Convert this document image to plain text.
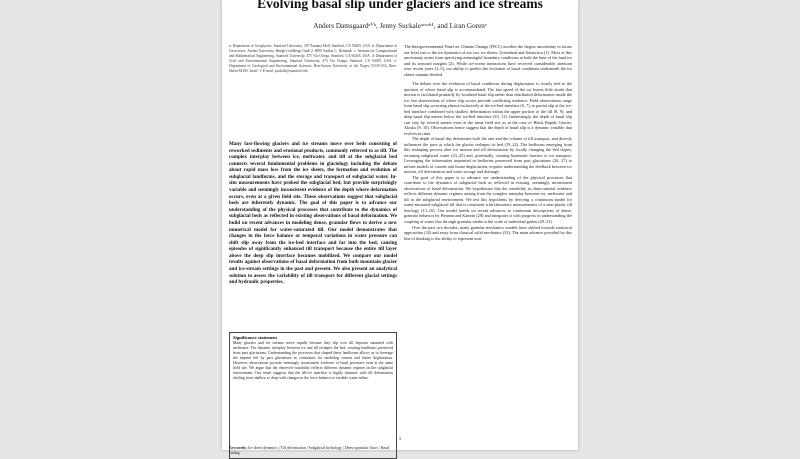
Evolving basal slip under glaciers and ice streams
Anders Damsgaardᵃⱽᵇ, Jenny Suckaleᵃʳᶜʳᵈʳ¹, and Liran Gorenᵉ
a: Department of Geophysics, Stanford University, 397 Panama Mall, Stanford, CA 94305, USA. b: Department of Geoscience, Aarhus University, Høegh-Guldbergs Gade 2, 8000 Aarhus C, Denmark. c: Institute for Computational and Mathematical Engineering, Stanford University, 475 Via Ortega, Stanford, CA 94305, USA. d: Department of Civil and Environmental Engineering, Stanford University, 473 Via Ortega, Stanford, CA 94305, USA. e: Department of Geological and Environmental Sciences, Ben-Gurion University of the Negev, P.O.B 653, Beer-Sheva 84105, Israel. 1: E-mail: jsuckale@stanford.edu
Many fast-flowing glaciers and ice streams move over beds consisting of reworked sediments and erosional products, commonly referred to as till. The complex interplay between ice, meltwater, and till at the subglacial bed connects several fundamental problems in glaciology including the debate about rapid mass loss from the ice sheets, the formation and evolution of subglacial landforms, and the storage and transport of subglacial water. In-situ measurements have probed the subglacial bed, but provide surprisingly variable and seemingly inconsistent evidence of the depth where deformation occurs, even at a given field site. These observations suggest that subglacial beds are inherently dynamic. The goal of this paper is to advance our understanding of the physical processes that contribute to the dynamics of subglacial beds as reflected in existing observations of basal deformation. We build on recent advances in modeling dense, granular flows to derive a new numerical model for water-saturated till. Our model demonstrates that changes in the force balance or temporal variations in water pressure can shift slip away from the ice-bed interface and far into the bed, causing episodes of significantly enhanced till transport because the entire till layer above the deep slip interface becomes mobilized. We compare our model results against observations of basal deformation from both mountain glacier and ice-stream settings in the past and present. We also present an analytical solution to assess the variability of till transport for different glacial settings and hydraulic properties.
Significance statement
Many glaciers and ice streams move rapidly because they slip over till deposits saturated with meltwater. The dynamic interplay between ice and till reshapes the bed, creating landforms preserved from past glaciations. Understanding the processes that shaped these landforms allows us to leverage the imprint left by past glaciations as constraints for modeling current and future deglaciation. However, observations provide seemingly inconsistent evidence of basal processes even at the same field site. We argue that the observed variability reflects different dynamic regimes in the subglacial environment. Our result suggests that the till-ice interface is highly dynamic with till deformation shifting from shallow to deep with changes in the force balance or variable water influx.
Keywords: Ice sheet dynamics | Till deformation | Subglacial hydrology | Dense granular flows | Basal sliding

The Intergovernmental Panel on Climate Change (IPCC) ascribes the largest uncertainty in future sea level rise to the ice dynamics of our two ice sheets, Greenland and Antarctica (1). Most of this uncertainty arises from specifying meaningful boundary conditions at both the base of the land ice and its seaward margins (2). While ice-ocean interactions have received considerable attention over recent years (3–5), our ability to predict the evolution of basal conditions underneath the ice sheets remains limited.

The debate over the evolution of basal conditions during deglaciation is closely tied to the question of where basal slip is accommodated. The fast speed of the ice leaves little doubt that motion is facilitated primarily by localized basal slip rather than distributed deformation inside the ice, but observations of where slip occurs provide conflicting evidence. Field observations range from basal slip occurring almost exclusively at the ice-bed interface (6, 7), to partial slip at the ice-bed interface combined with shallow deformation within the upper portion of the till (8, 9), and deep basal slip meters below the ice-bed interface (10, 11). Interestingly, the depth of basal slip can vary by several meters even at the same field site as in the case of Black Rapids Glacier, Alaska (9, 10). Observations hence suggest that the depth of basal slip is a dynamic variable that evolves in time.

The depth of basal slip determines both the rate and the volume of till transport, and directly influences the pace at which the glacier reshapes its bed (19–22). The bedforms emerging from this reshaping process alter ice motion and till deformation by locally changing the bed slopes, rerouting subglacial water (23–25) and, potentially, creating kinematic barriers to ice transport. Leveraging the information imprinted in bedforms preserved from past glaciations (26, 27) to inform models of current and future deglaciation, requires understanding the feedback between ice motion, till deformation and water storage and drainage.

The goal of this paper is to advance our understanding of the physical processes that contribute to the dynamics of subglacial beds as reflected in existing, seemingly inconsistent observations of basal deformation. We hypothesize that the variability in observational evidence reflects different dynamic regimes arising from the complex interplay between ice, meltwater and till in the subglacial environment. We test this hypothesis by deriving a continuum model for water-saturated subglacial till that is consistent with laboratory measurements of a near-plastic till rheology (13–16). Our model builds on recent advances in continuum descriptions of dense, granular behavior by Henann and Kamrin (28) and integrates it with progress in understanding the coupling of water flux through granular media at the scale of individual grains (29–31).

Over the past two decades, many granular mechanics models have shifted towards statistical approaches (32) and away from classical solid mechanics (33). The main advance provided by this line of thinking is the ability to represent non-

1
